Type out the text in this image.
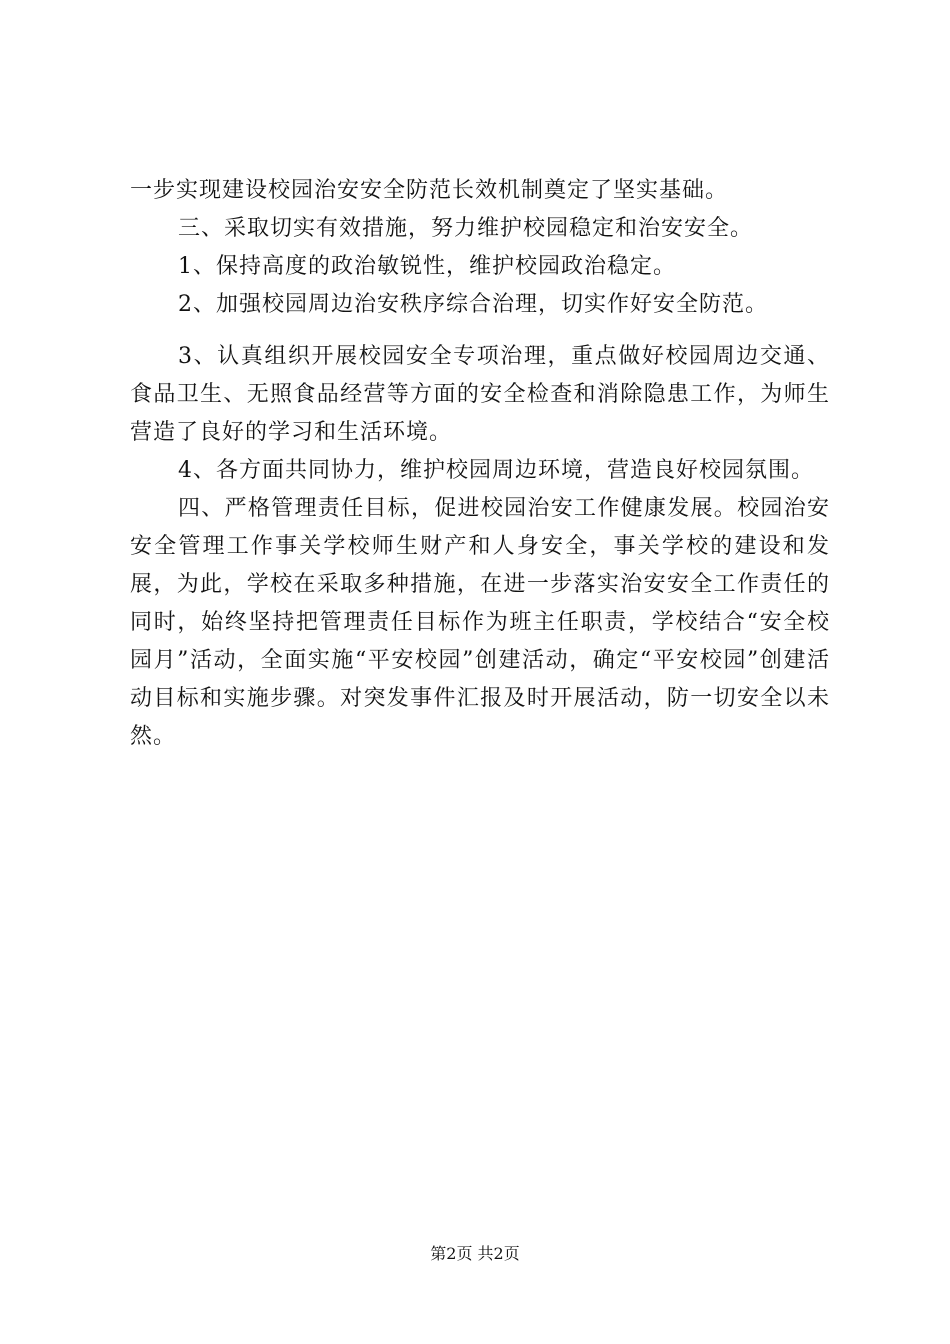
一步实现建设校园治安安全防范长效机制奠定了坚实基础。

三、采取切实有效措施，努力维护校园稳定和治安安全。

1、保持高度的政治敏锐性，维护校园政治稳定。

2、加强校园周边治安秩序综合治理，切实作好安全防范。

3、认真组织开展校园安全专项治理，重点做好校园周边交通、食品卫生、无照食品经营等方面的安全检查和消除隐患工作，为师生营造了良好的学习和生活环境。

4、各方面共同协力，维护校园周边环境，营造良好校园氛围。

四、严格管理责任目标，促进校园治安工作健康发展。校园治安安全管理工作事关学校师生财产和人身安全，事关学校的建设和发展，为此，学校在采取多种措施，在进一步落实治安安全工作责任的同时，始终坚持把管理责任目标作为班主任职责，学校结合“安全校园月”活动，全面实施“平安校园”创建活动，确定“平安校园”创建活动目标和实施步骤。对突发事件汇报及时开展活动，防一切安全以未然。

第2页 共2页
